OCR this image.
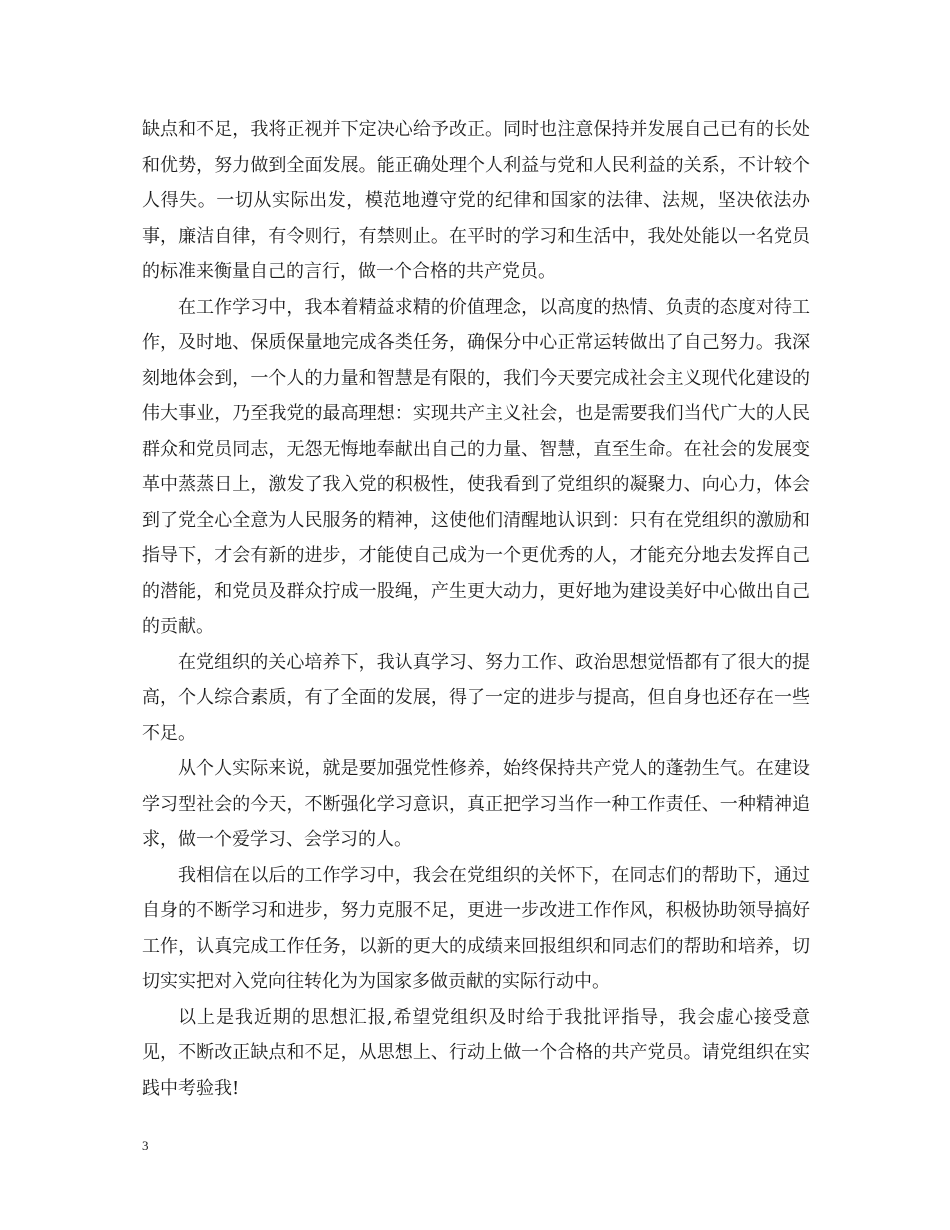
缺点和不足，我将正视并下定决心给予改正。同时也注意保持并发展自己已有的长处和优势，努力做到全面发展。能正确处理个人利益与党和人民利益的关系，不计较个人得失。一切从实际出发，模范地遵守党的纪律和国家的法律、法规，坚决依法办事，廉洁自律，有令则行，有禁则止。在平时的学习和生活中，我处处能以一名党员的标准来衡量自己的言行，做一个合格的共产党员。

在工作学习中，我本着精益求精的价值理念，以高度的热情、负责的态度对待工作，及时地、保质保量地完成各类任务，确保分中心正常运转做出了自己努力。我深刻地体会到，一个人的力量和智慧是有限的，我们今天要完成社会主义现代化建设的伟大事业，乃至我党的最高理想：实现共产主义社会，也是需要我们当代广大的人民群众和党员同志，无怨无悔地奉献出自己的力量、智慧，直至生命。在社会的发展变革中蒸蒸日上，激发了我入党的积极性，使我看到了党组织的凝聚力、向心力，体会到了党全心全意为人民服务的精神，这使他们清醒地认识到：只有在党组织的激励和指导下，才会有新的进步，才能使自己成为一个更优秀的人，才能充分地去发挥自己的潜能，和党员及群众拧成一股绳，产生更大动力，更好地为建设美好中心做出自己的贡献。

在党组织的关心培养下，我认真学习、努力工作、政治思想觉悟都有了很大的提高，个人综合素质，有了全面的发展，得了一定的进步与提高，但自身也还存在一些不足。

从个人实际来说，就是要加强党性修养，始终保持共产党人的蓬勃生气。在建设学习型社会的今天，不断强化学习意识，真正把学习当作一种工作责任、一种精神追求，做一个爱学习、会学习的人。

我相信在以后的工作学习中，我会在党组织的关怀下，在同志们的帮助下，通过自身的不断学习和进步，努力克服不足，更进一步改进工作作风，积极协助领导搞好工作，认真完成工作任务，以新的更大的成绩来回报组织和同志们的帮助和培养，切切实实把对入党向往转化为为国家多做贡献的实际行动中。

以上是我近期的思想汇报,希望党组织及时给于我批评指导，我会虚心接受意见，不断改正缺点和不足，从思想上、行动上做一个合格的共产党员。请党组织在实践中考验我!

3
